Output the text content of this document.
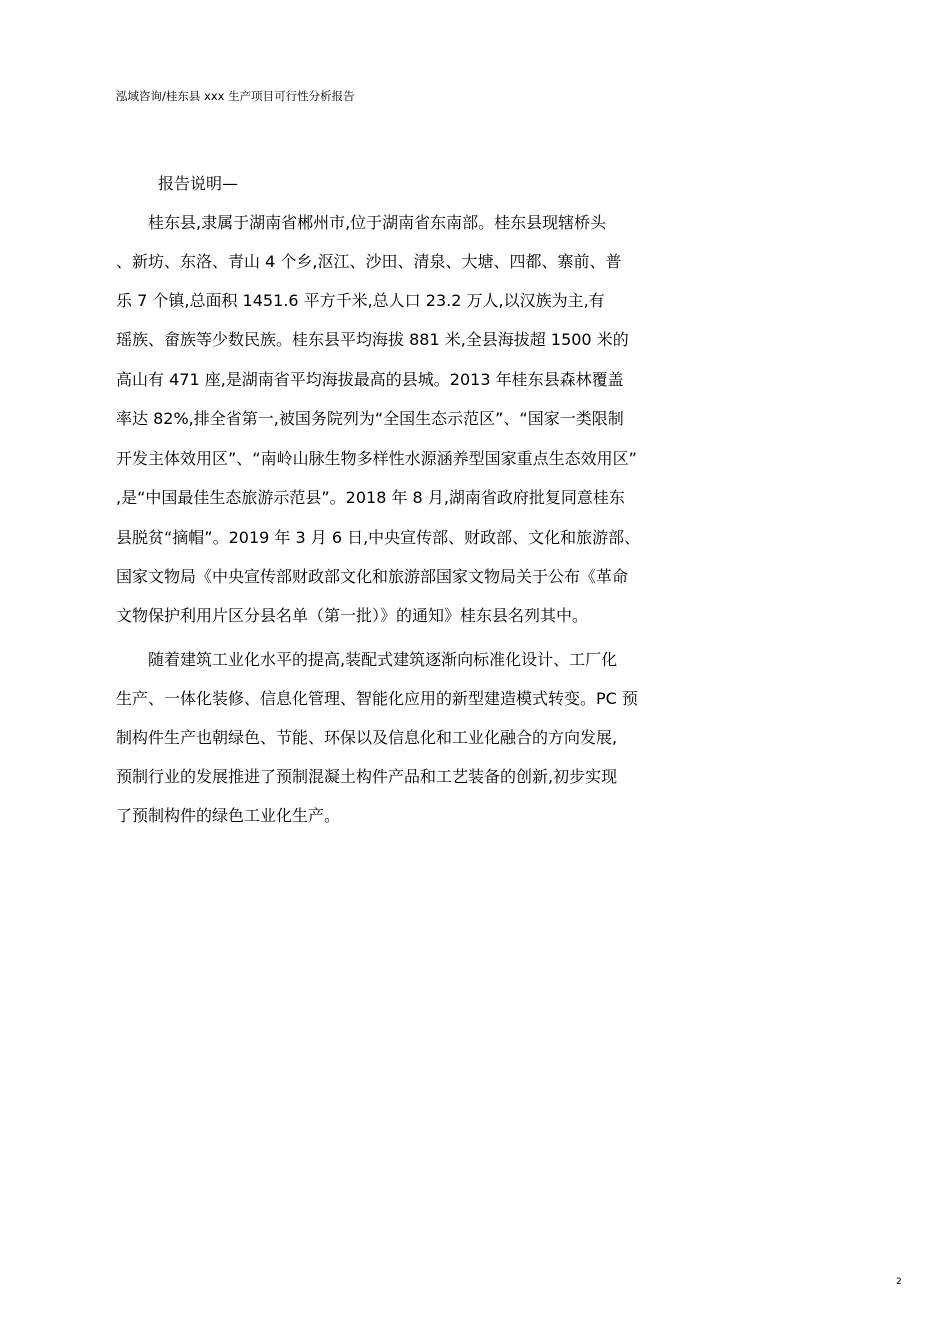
泓域咨询/桂东县 xxx 生产项目可行性分析报告
报告说明—
桂东县,隶属于湖南省郴州市,位于湖南省东南部。桂东县现辖桥头
、新坊、东洛、青山 4 个乡,沤江、沙田、清泉、大塘、四都、寨前、普
乐 7 个镇,总面积 1451.6 平方千米,总人口 23.2 万人,以汉族为主,有
瑶族、畲族等少数民族。桂东县平均海拔 881 米,全县海拔超 1500 米的
高山有 471 座,是湖南省平均海拔最高的县城。2013 年桂东县森林覆盖
率达 82%,排全省第一,被国务院列为“全国生态示范区”、“国家一类限制
开发主体效用区”、“南岭山脉生物多样性水源涵养型国家重点生态效用区”
,是“中国最佳生态旅游示范县”。2018 年 8 月,湖南省政府批复同意桂东
县脱贫“摘帽”。2019 年 3 月 6 日,中央宣传部、财政部、文化和旅游部、
国家文物局《中央宣传部财政部文化和旅游部国家文物局关于公布《革命
文物保护利用片区分县名单（第一批）》的通知》桂东县名列其中。
随着建筑工业化水平的提高,装配式建筑逐渐向标准化设计、工厂化
生产、一体化装修、信息化管理、智能化应用的新型建造模式转变。PC 预
制构件生产也朝绿色、节能、环保以及信息化和工业化融合的方向发展,
预制行业的发展推进了预制混凝土构件产品和工艺装备的创新,初步实现
了预制构件的绿色工业化生产。
2
